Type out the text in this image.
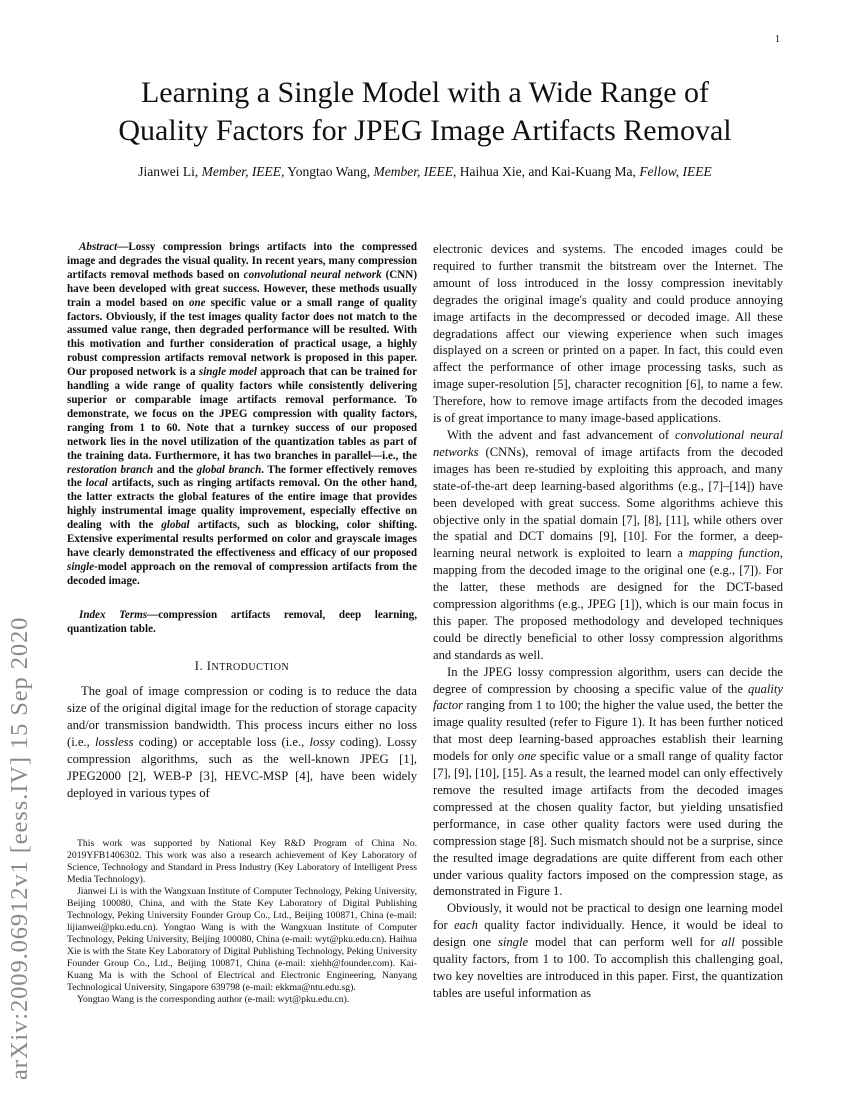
1
arXiv:2009.06912v1 [eess.IV] 15 Sep 2020
Learning a Single Model with a Wide Range of
Quality Factors for JPEG Image Artifacts Removal
Jianwei Li, Member, IEEE, Yongtao Wang, Member, IEEE, Haihua Xie, and Kai-Kuang Ma, Fellow, IEEE

Abstract—Lossy compression brings artifacts into the compressed image and degrades the visual quality. In recent years, many compression artifacts removal methods based on convolutional neural network (CNN) have been developed with great success. However, these methods usually train a model based on one specific value or a small range of quality factors. Obviously, if the test images quality factor does not match to the assumed value range, then degraded performance will be resulted. With this motivation and further consideration of practical usage, a highly robust compression artifacts removal network is proposed in this paper. Our proposed network is a single model approach that can be trained for handling a wide range of quality factors while consistently delivering superior or comparable image artifacts removal performance. To demonstrate, we focus on the JPEG compression with quality factors, ranging from 1 to 60. Note that a turnkey success of our proposed network lies in the novel utilization of the quantization tables as part of the training data. Furthermore, it has two branches in parallel—i.e., the restoration branch and the global branch. The former effectively removes the local artifacts, such as ringing artifacts removal. On the other hand, the latter extracts the global features of the entire image that provides highly instrumental image quality improvement, especially effective on dealing with the global artifacts, such as blocking, color shifting. Extensive experimental results performed on color and grayscale images have clearly demonstrated the effectiveness and efficacy of our proposed single-model approach on the removal of compression artifacts from the decoded image.

Index Terms—compression artifacts removal, deep learning, quantization table.

I. INTRODUCTION

The goal of image compression or coding is to reduce the data size of the original digital image for the reduction of storage capacity and/or transmission bandwidth. This process incurs either no loss (i.e., lossless coding) or acceptable loss (i.e., lossy coding). Lossy compression algorithms, such as the well-known JPEG [1], JPEG2000 [2], WEB-P [3], HEVC-MSP [4], have been widely deployed in various types of

This work was supported by National Key R&D Program of China No. 2019YFB1406302. This work was also a research achievement of Key Laboratory of Science, Technology and Standard in Press Industry (Key Laboratory of Intelligent Press Media Technology).

Jianwei Li is with the Wangxuan Institute of Computer Technology, Peking University, Beijing 100080, China, and with the State Key Laboratory of Digital Publishing Technology, Peking University Founder Group Co., Ltd., Beijing 100871, China (e-mail: lijianwei@pku.edu.cn). Yongtao Wang is with the Wangxuan Institute of Computer Technology, Peking University, Beijing 100080, China (e-mail: wyt@pku.edu.cn). Haihua Xie is with the State Key Laboratory of Digital Publishing Technology, Peking University Founder Group Co., Ltd., Beijing 100871, China (e-mail: xiehh@founder.com). Kai-Kuang Ma is with the School of Electrical and Electronic Engineering, Nanyang Technological University, Singapore 639798 (e-mail: ekkma@ntu.edu.sg).

Yongtao Wang is the corresponding author (e-mail: wyt@pku.edu.cn).

electronic devices and systems. The encoded images could be required to further transmit the bitstream over the Internet. The amount of loss introduced in the lossy compression inevitably degrades the original image's quality and could produce annoying image artifacts in the decompressed or decoded image. All these degradations affect our viewing experience when such images displayed on a screen or printed on a paper. In fact, this could even affect the performance of other image processing tasks, such as image super-resolution [5], character recognition [6], to name a few. Therefore, how to remove image artifacts from the decoded images is of great importance to many image-based applications.

With the advent and fast advancement of convolutional neural networks (CNNs), removal of image artifacts from the decoded images has been re-studied by exploiting this approach, and many state-of-the-art deep learning-based algorithms (e.g., [7]–[14]) have been developed with great success. Some algorithms achieve this objective only in the spatial domain [7], [8], [11], while others over the spatial and DCT domains [9], [10]. For the former, a deep-learning neural network is exploited to learn a mapping function, mapping from the decoded image to the original one (e.g., [7]). For the latter, these methods are designed for the DCT-based compression algorithms (e.g., JPEG [1]), which is our main focus in this paper. The proposed methodology and developed techniques could be directly beneficial to other lossy compression algorithms and standards as well.

In the JPEG lossy compression algorithm, users can decide the degree of compression by choosing a specific value of the quality factor ranging from 1 to 100; the higher the value used, the better the image quality resulted (refer to Figure 1). It has been further noticed that most deep learning-based approaches establish their learning models for only one specific value or a small range of quality factor [7], [9], [10], [15]. As a result, the learned model can only effectively remove the resulted image artifacts from the decoded images compressed at the chosen quality factor, but yielding unsatisfied performance, in case other quality factors were used during the compression stage [8]. Such mismatch should not be a surprise, since the resulted image degradations are quite different from each other under various quality factors imposed on the compression stage, as demonstrated in Figure 1.

Obviously, it would not be practical to design one learning model for each quality factor individually. Hence, it would be ideal to design one single model that can perform well for all possible quality factors, from 1 to 100. To accomplish this challenging goal, two key novelties are introduced in this paper. First, the quantization tables are useful information as
